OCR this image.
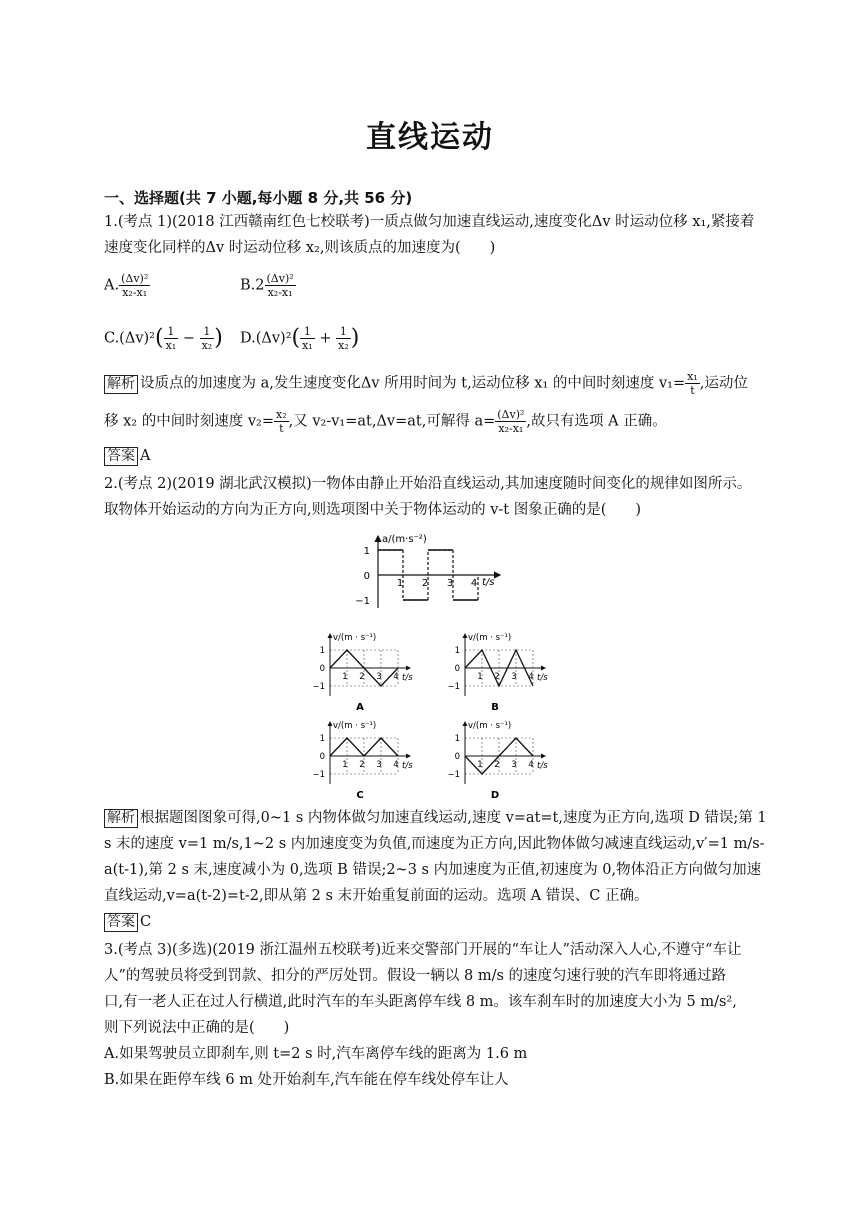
直线运动
一、选择题(共 7 小题,每小题 8 分,共 56 分)
1.(考点 1)(2018 江西赣南红色七校联考)一质点做匀加速直线运动,速度变化Δv 时运动位移 x₁,紧接着
速度变化同样的Δv 时运动位移 x₂,则该质点的加速度为(　　)
A. $\frac{\text{(Δv)²}}{\text{x₂-x₁}}$	$B.2 \frac{\text{(Δv)²}}{\text{x₂-x₁}}$
$C.(\Delta v)^2( \frac{1}{\text{x₁}} - \frac{1}{\text{x₂}}$ ) $D.(\Delta v)^2( \frac{1}{\text{x₁}} + \frac{1}{\text{x₂}}$ )
解析 设质点的加速度为 a,发生速度变化Δv 所用时间为 t,运动位移 x₁ 的中间时刻速度 $v_1= \frac{\text{x₁}}{t}$ ,运动位
移 x₂ 的中间时刻速度 $v_2= \frac{\text{x₂}}{t}$ ,又 v₂-v₁=at,Δv=at,可解得 $a= \frac{\text{(Δv)²}}{\text{x₂-x₁}}$ ,故只有选项 A 正确。
答案 A
2.(考点 2)(2019 湖北武汉模拟)一物体由静止开始沿直线运动,其加速度随时间变化的规律如图所示。
取物体开始运动的方向为正方向,则选项图中关于物体运动的 v-t 图象正确的是(　　)
a/(m·s⁻²)
t/s
1
0
−1
1 2 3 4
v/(m · s⁻¹)
t/s
1
0
−1
1 2 3 4
A
v/(m · s⁻¹)
t/s
1
0
−1
1 2 3 4
B
v/(m · s⁻¹)
t/s
1
0
−1
1 2 3 4
C
v/(m · s⁻¹)
t/s
1
0
−1
1 2 3 4
D
解析 根据题图图象可得,0~1 s 内物体做匀加速直线运动,速度 v=at=t,速度为正方向,选项 D 错误;第 1
s 末的速度 v=1 m/s,1~2 s 内加速度变为负值,而速度为正方向,因此物体做匀减速直线运动,v′=1 m/s-
a(t-1),第 2 s 末,速度减小为 0,选项 B 错误;2~3 s 内加速度为正值,初速度为 0,物体沿正方向做匀加速
直线运动,v=a(t-2)=t-2,即从第 2 s 末开始重复前面的运动。选项 A 错误、C 正确。
答案 C
3.(考点 3)(多选)(2019 浙江温州五校联考)近来交警部门开展的“车让人”活动深入人心,不遵守“车让
人”的驾驶员将受到罚款、扣分的严厉处罚。假设一辆以 8 m/s 的速度匀速行驶的汽车即将通过路
口,有一老人正在过人行横道,此时汽车的车头距离停车线 8 m。该车刹车时的加速度大小为 5 m/s²,
则下列说法中正确的是(　　)
A.如果驾驶员立即刹车,则 t=2 s 时,汽车离停车线的距离为 1.6 m
B.如果在距停车线 6 m 处开始刹车,汽车能在停车线处停车让人
